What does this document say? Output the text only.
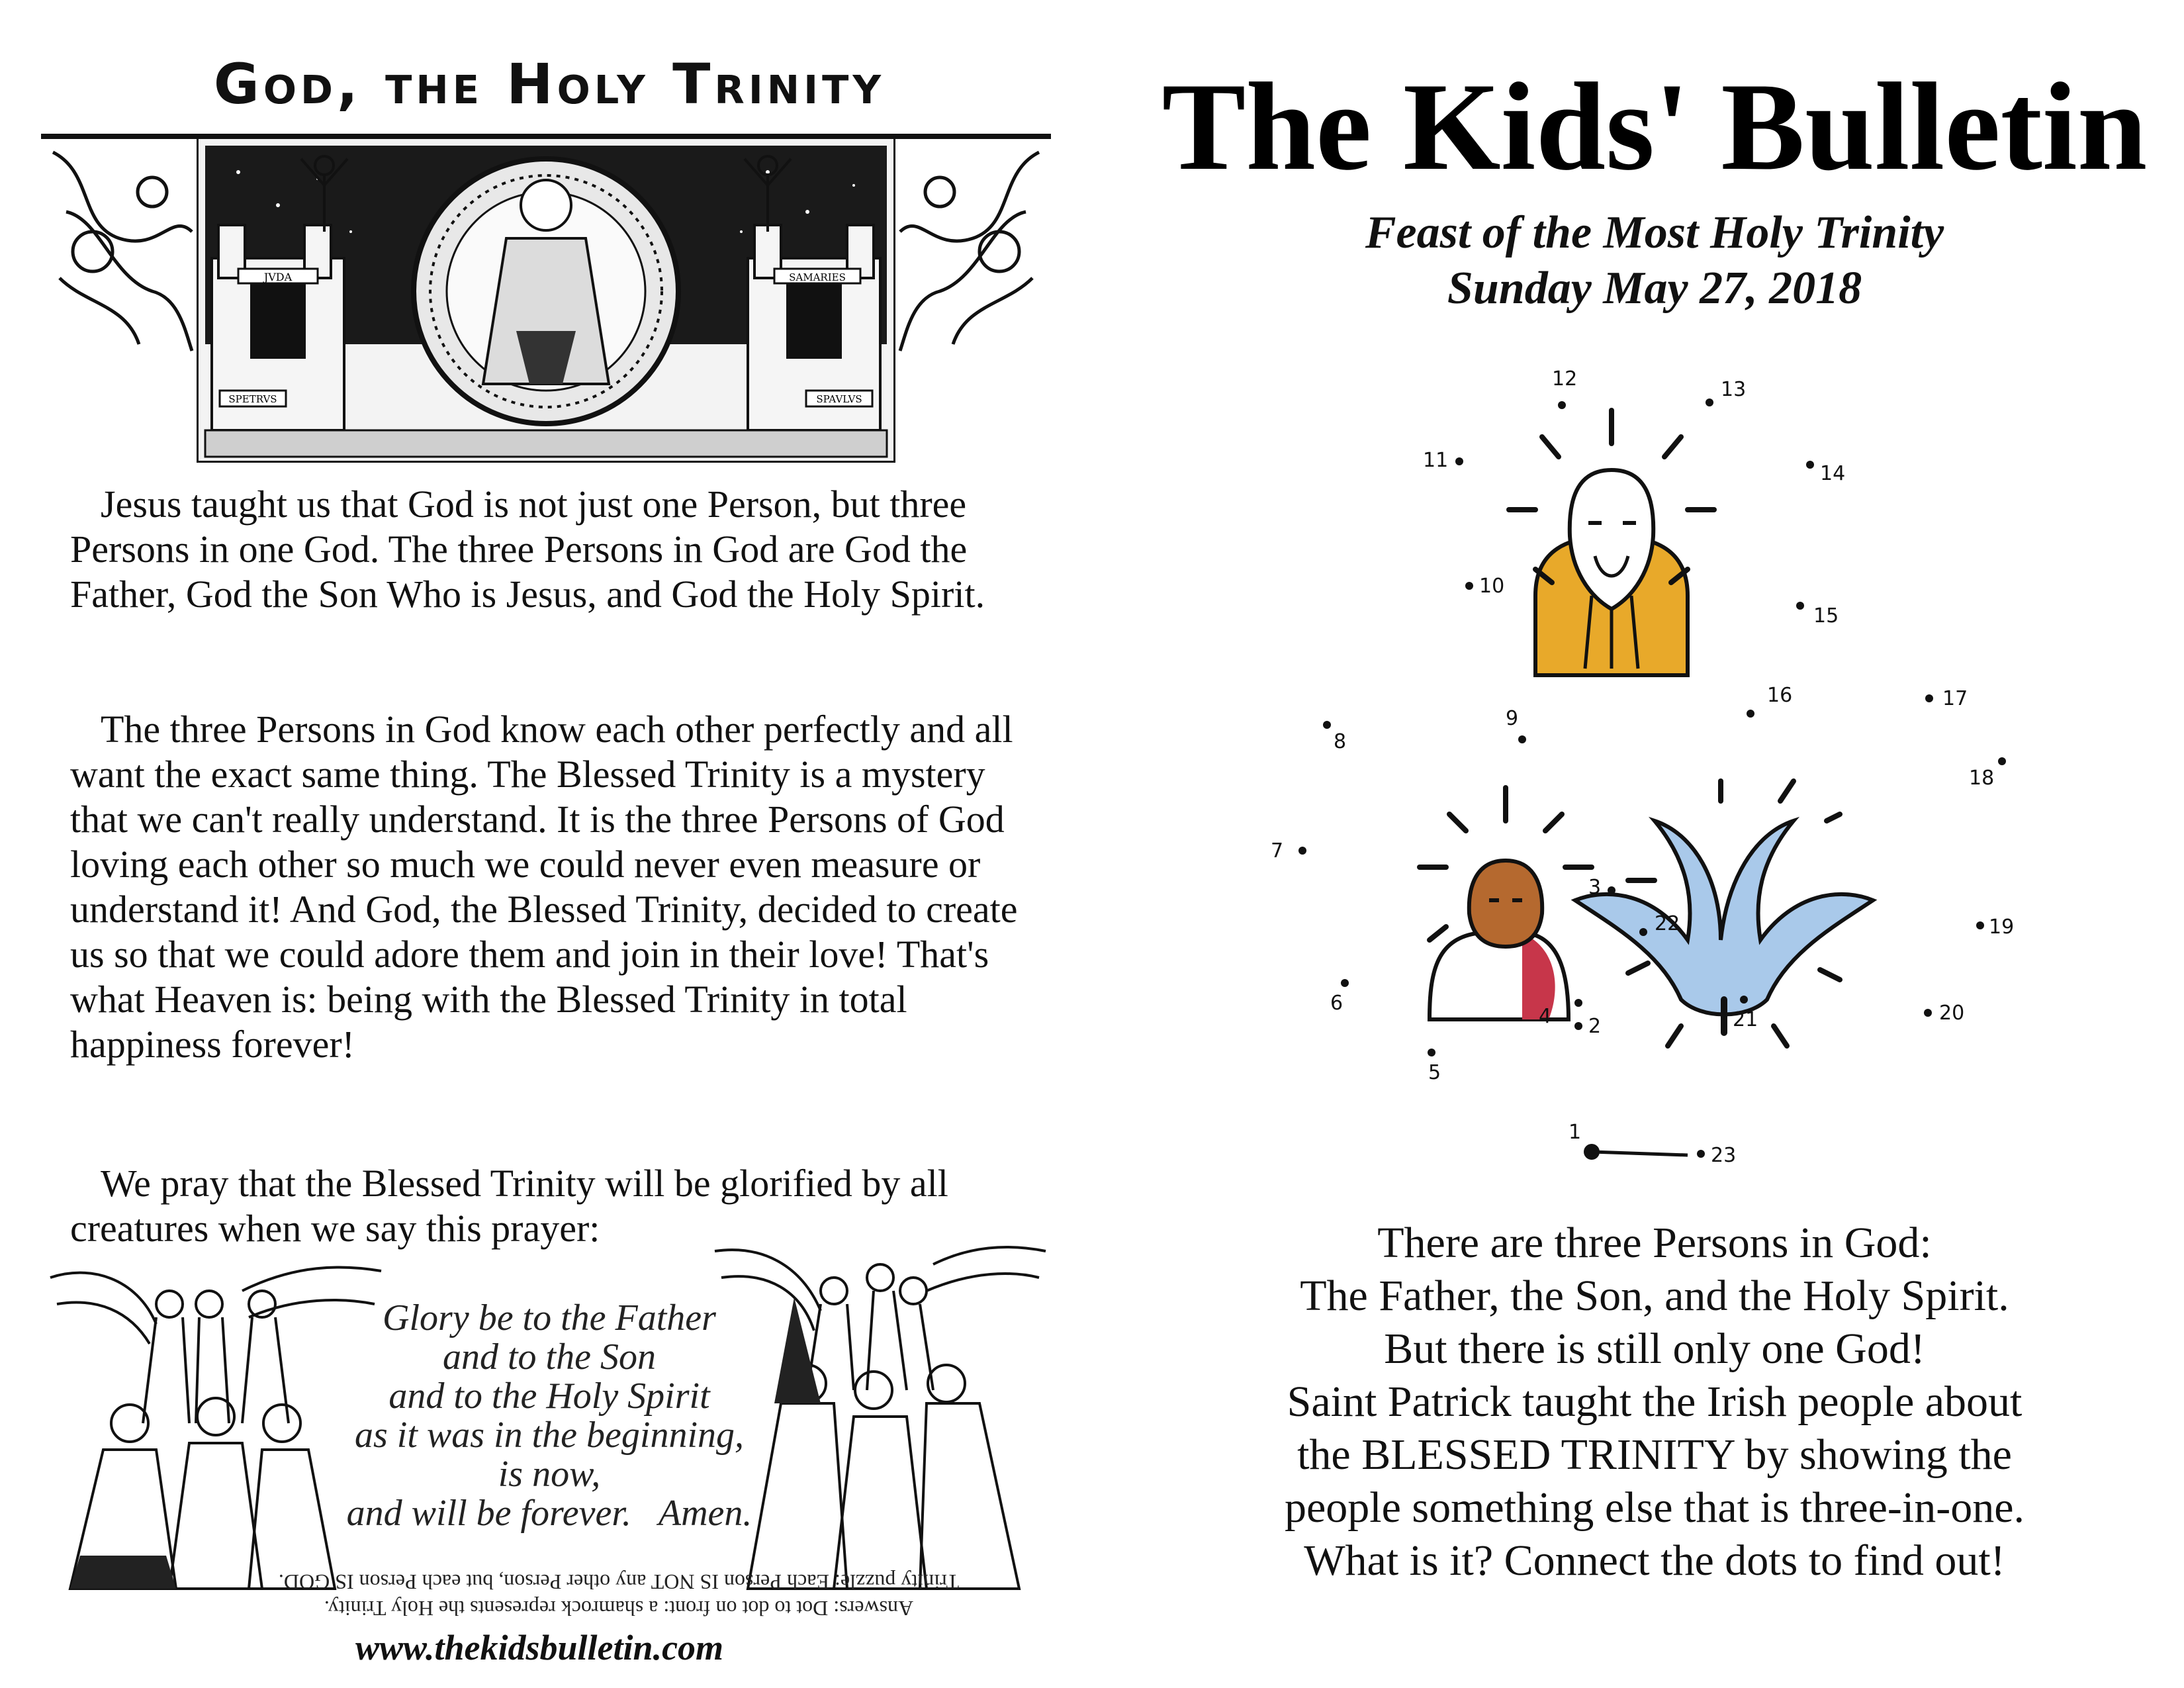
God, the Holy Trinity
JVDA
SPETRVS
SAMARIES
SPAVLVS

Jesus taught us that God is not just one Person, but three Persons in one God. The three Persons in God are God the Father, God the Son Who is Jesus, and God the Holy Spirit.

The three Persons in God know each other perfectly and all want the exact same thing. The Blessed Trinity is a mystery that we can't really understand. It is the three Persons of God loving each other so much we could never even measure or understand it! And God, the Blessed Trinity, decided to create us so that we could adore them and join in their love! That's what Heaven is: being with the Blessed Trinity in total happiness forever!

We pray that the Blessed Trinity will be glorified by all creatures when we say this prayer:

Glory be to the Father
and to the Son
and to the Holy Spirit
as it was in the beginning,
is now,
and will be forever.   Amen.
Answers: Dot to dot on front: a shamrock represents the Holy Trinity.
Trinity puzzle: Each Person IS NOT any other Person, but each Person IS GOD.
www.thekidsbulletin.com
The Kids' Bulletin
Feast of the Most Holy Trinity
Sunday May 27, 2018
1
2
3
4
5
6
7
8
9
10
11
12	13
14
15
16	17
18
19
20
21
22
23
There are three Persons in God:
The Father, the Son, and the Holy Spirit.
But there is still only one God!
Saint Patrick taught the Irish people about
the BLESSED TRINITY by showing the
people something else that is three-in-one.
What is it? Connect the dots to find out!
